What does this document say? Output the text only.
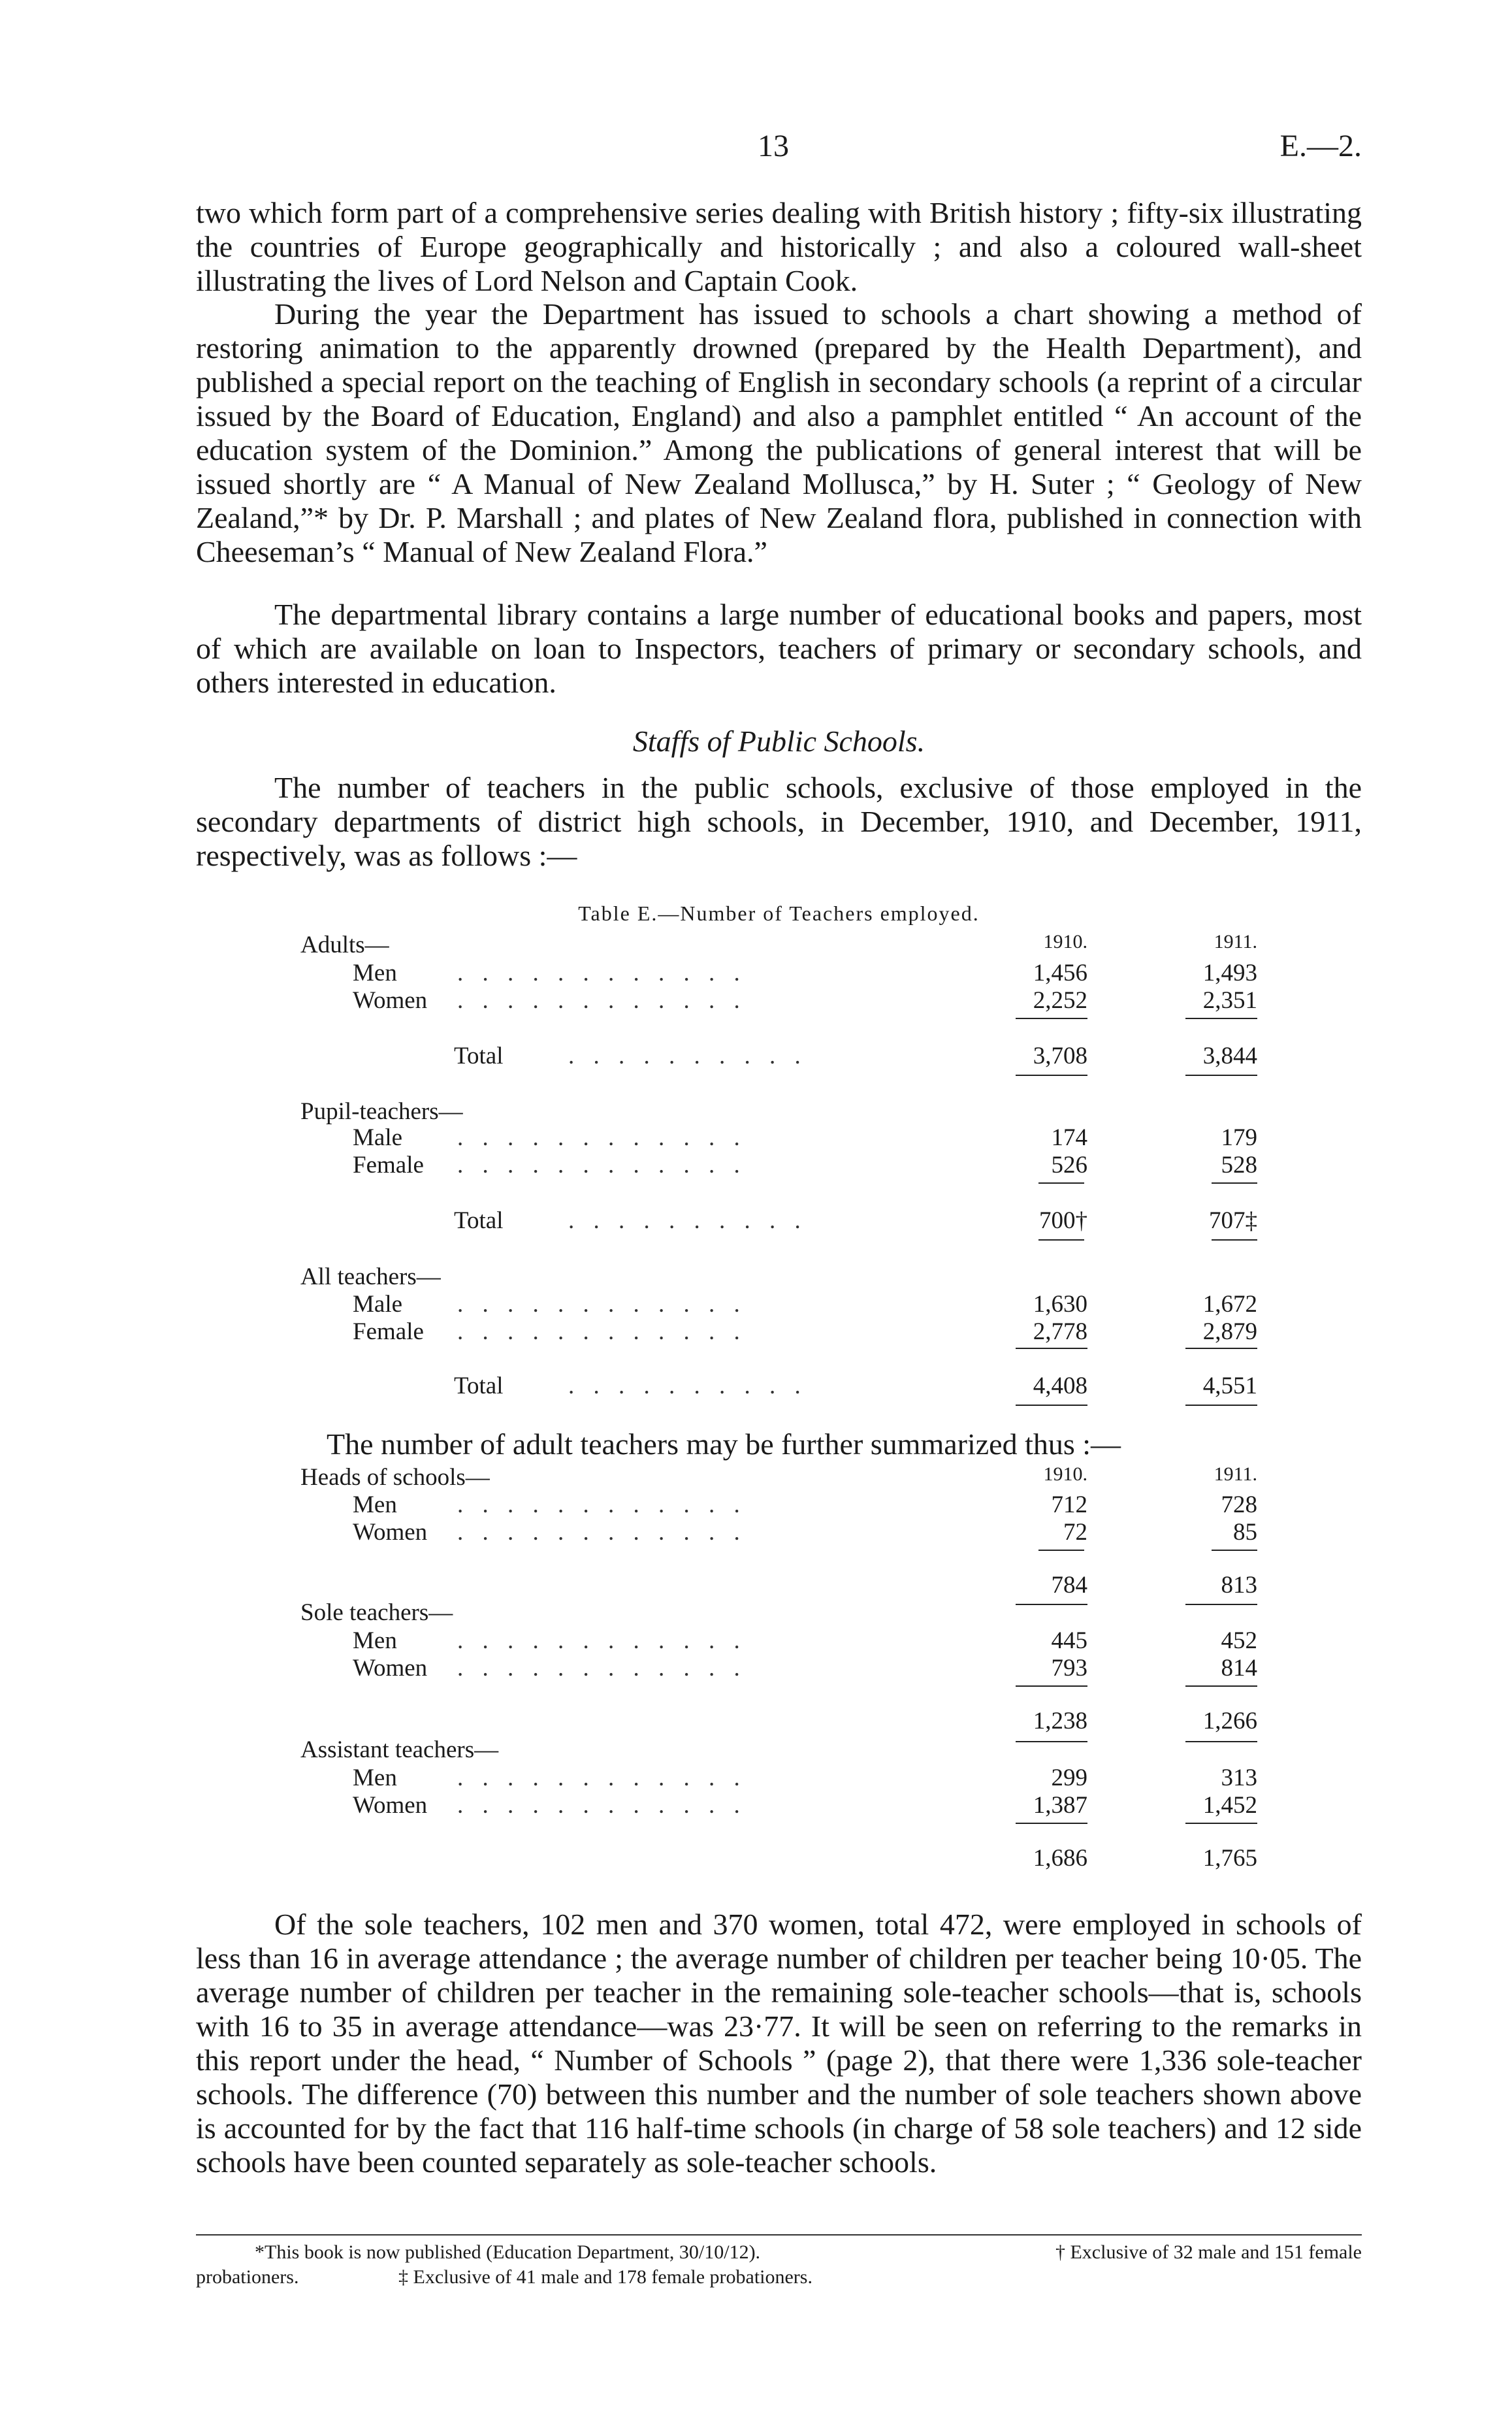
13	E.—2.
two which form part of a comprehensive series dealing with British history ; fifty-six illustrating the countries of Europe geographically and historically ; and also a coloured wall-sheet illustrating the lives of Lord Nelson and Captain Cook.
During the year the Department has issued to schools a chart showing a method of restoring animation to the apparently drowned (prepared by the Health Department), and published a special report on the teaching of English in secondary schools (a reprint of a circular issued by the Board of Education, England) and also a pamphlet entitled “ An account of the education system of the Dominion.” Among the publications of general interest that will be issued shortly are “ A Manual of New Zealand Mollusca,” by H. Suter ; “ Geology of New Zealand,”* by Dr. P. Marshall ; and plates of New Zealand flora, published in connection with Cheeseman’s “ Manual of New Zealand Flora.”
The departmental library contains a large number of educational books and papers, most of which are available on loan to Inspectors, teachers of primary or secondary schools, and others interested in education.
Staffs of Public Schools.
The number of teachers in the public schools, exclusive of those employed in the secondary departments of district high schools, in December, 1910, and December, 1911, respectively, was as follows :—
Table E.—Number of Teachers employed.
Adults—	1910.	1911.
Men . . . . . . . . . . . .	1,456	1,493
Women . . . . . . . . . . . .	2,252	2,351
Total	. . . . . . . . . .	3,708	3,844
Pupil-teachers—
Male . . . . . . . . . . . .	174	179
Female . . . . . . . . . . . .	526	528
Total	. . . . . . . . . .	700†	707‡
All teachers—
Male . . . . . . . . . . . .	1,630	1,672
Female . . . . . . . . . . . .	2,778	2,879
Total	. . . . . . . . . .	4,408	4,551
The number of adult teachers may be further summarized thus :—
Heads of schools—	1910.	1911.
Men . . . . . . . . . . . .	712	728
Women . . . . . . . . . . . .	72	85
784	813
Sole teachers—
Men . . . . . . . . . . . .	445	452
Women . . . . . . . . . . . .	793	814
1,238	1,266
Assistant teachers—
Men . . . . . . . . . . . .	299	313
Women . . . . . . . . . . . .	1,387	1,452
1,686	1,765
Of the sole teachers, 102 men and 370 women, total 472, were employed in schools of less than 16 in average attendance ; the average number of children per teacher being 10·05. The average number of children per teacher in the remaining sole-teacher schools—that is, schools with 16 to 35 in average attendance—was 23·77. It will be seen on referring to the remarks in this report under the head, “ Number of Schools ” (page 2), that there were 1,336 sole-teacher schools. The difference (70) between this number and the number of sole teachers shown above is accounted for by the fact that 116 half-time schools (in charge of 58 sole teachers) and 12 side schools have been counted separately as sole-teacher schools.
*This book is now published (Education Department, 30/10/12).	† Exclusive of 32 male and 151 female
probationers.	‡ Exclusive of 41 male and 178 female probationers.
